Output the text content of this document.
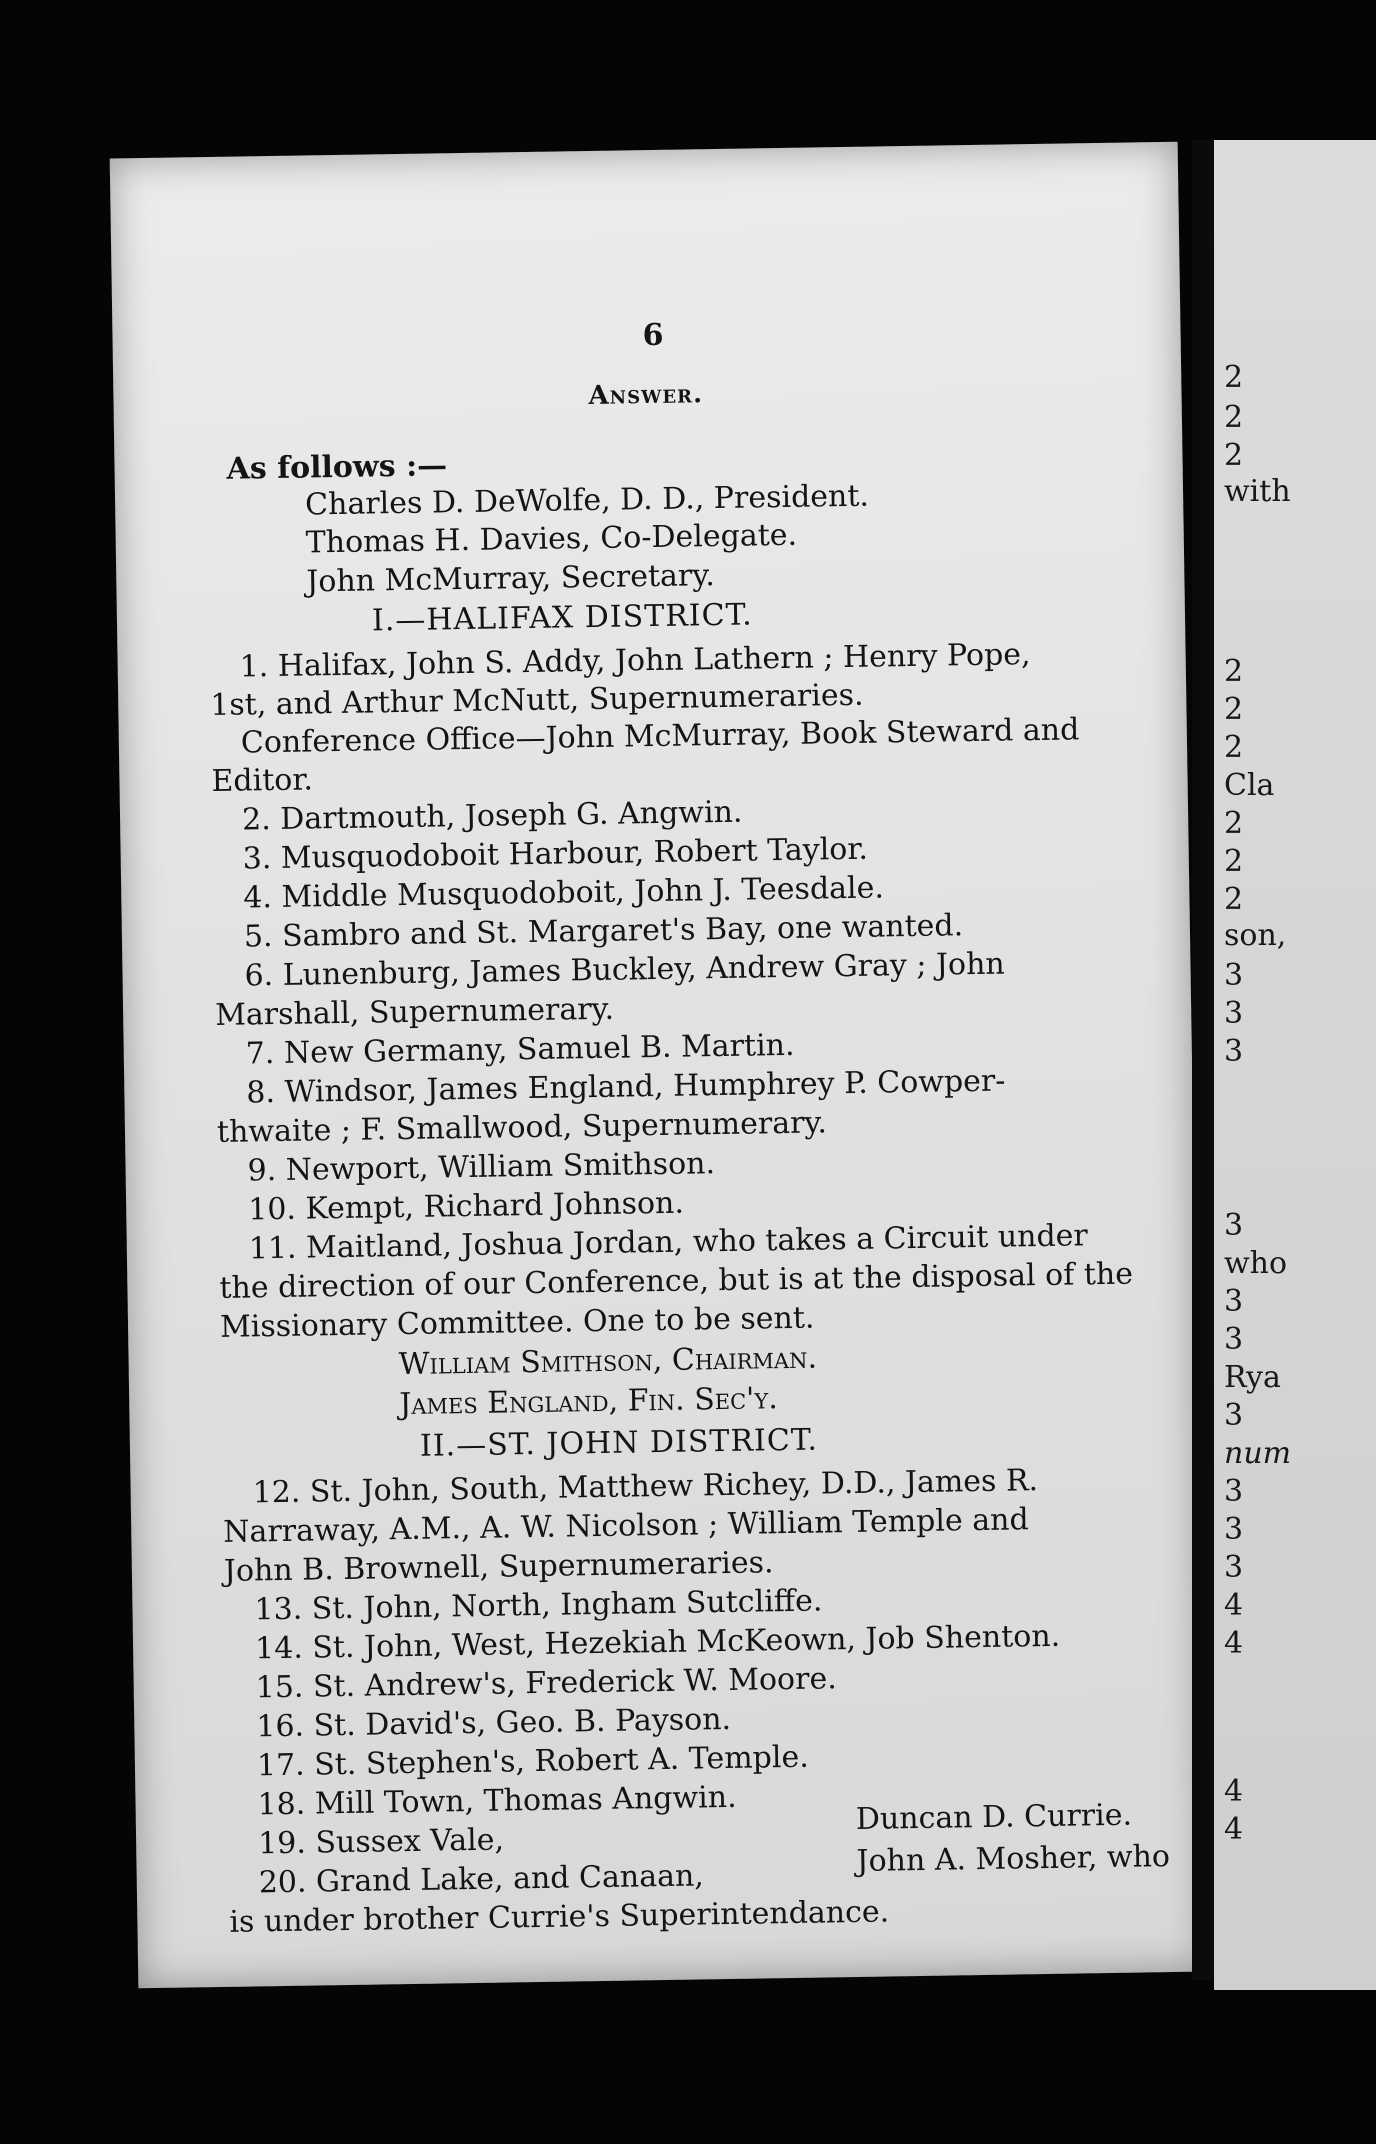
6
Answer.
As follows :—
Charles D. DeWolfe, D. D., President.
Thomas H. Davies, Co-Delegate.
John McMurray, Secretary.
I.—HALIFAX DISTRICT.
1. Halifax, John S. Addy, John Lathern ; Henry Pope,
1st, and Arthur McNutt, Supernumeraries.
Conference Office—John McMurray, Book Steward and
Editor.
2. Dartmouth, Joseph G. Angwin.
3. Musquodoboit Harbour, Robert Taylor.
4. Middle Musquodoboit, John J. Teesdale.
5. Sambro and St. Margaret's Bay, one wanted.
6. Lunenburg, James Buckley, Andrew Gray ; John
Marshall, Supernumerary.
7. New Germany, Samuel B. Martin.
8. Windsor, James England, Humphrey P. Cowper-
thwaite ; F. Smallwood, Supernumerary.
9. Newport, William Smithson.
10. Kempt, Richard Johnson.
11. Maitland, Joshua Jordan, who takes a Circuit under
the direction of our Conference, but is at the disposal of the
Missionary Committee. One to be sent.
William Smithson, Chairman.
James England, Fin. Sec'y.
II.—ST. JOHN DISTRICT.
12. St. John, South, Matthew Richey, D.D., James R.
Narraway, A.M., A. W. Nicolson ; William Temple and
John B. Brownell, Supernumeraries.
13. St. John, North, Ingham Sutcliffe.
14. St. John, West, Hezekiah McKeown, Job Shenton.
15. St. Andrew's, Frederick W. Moore.
16. St. David's, Geo. B. Payson.
17. St. Stephen's, Robert A. Temple.
18. Mill Town, Thomas Angwin.
19. Sussex Vale,
Duncan D. Currie.
20. Grand Lake, and Canaan,	John A. Mosher, who
is under brother Currie's Superintendance.
2
2
2
with
2
2
2
Cla
2
2
2
son,
3
3
3
3
who
3
3
Rya
3
num
3
3
3
4
4
4
4
